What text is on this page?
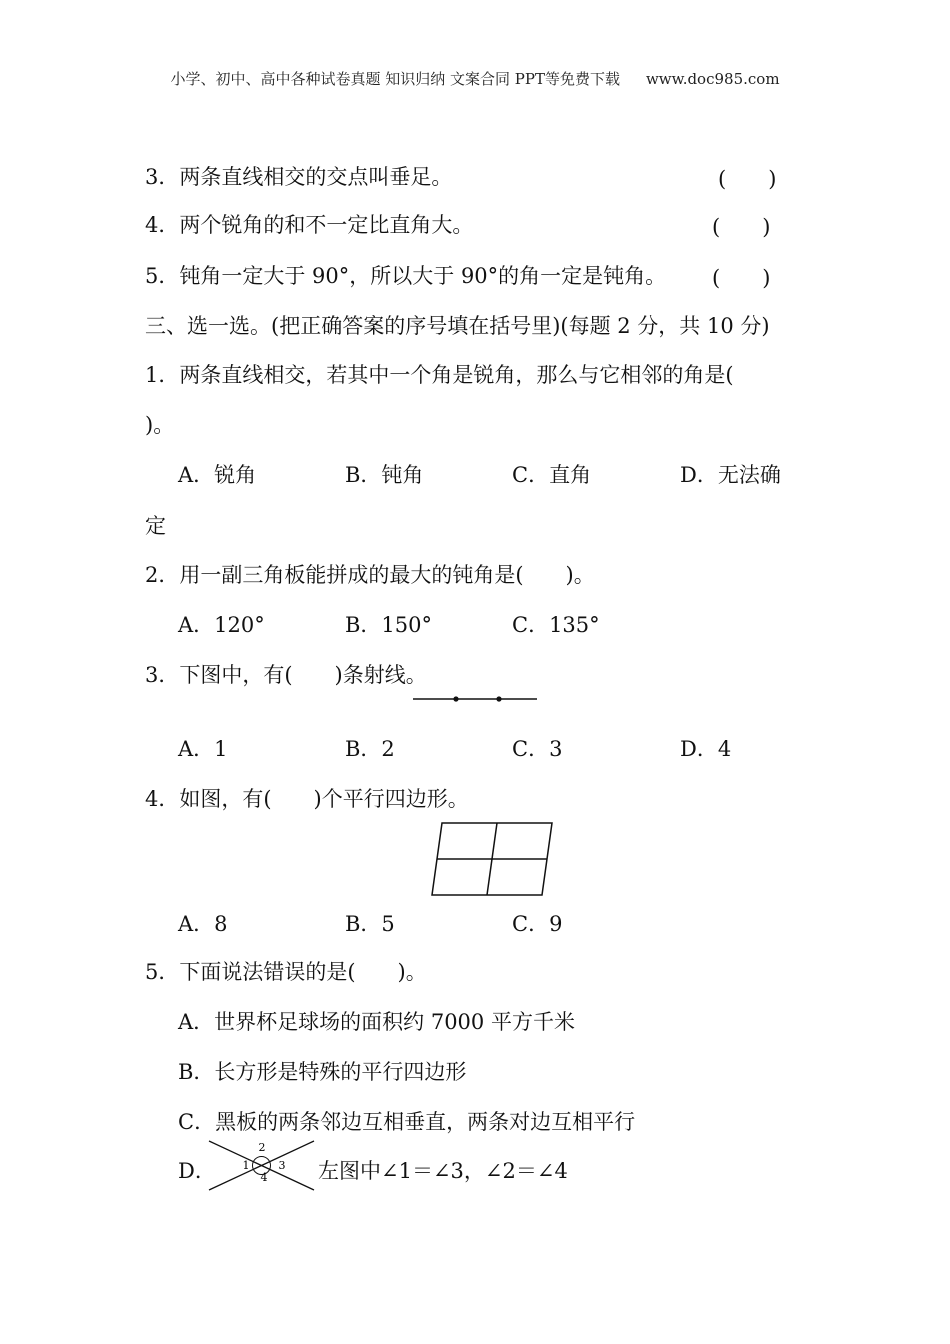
小学、初中、高中各种试卷真题 知识归纳 文案合同 PPT等免费下载 www.doc985.com
3．两条直线相交的交点叫垂足。	(　　)
4．两个锐角的和不一定比直角大。	(　　)
5．钝角一定大于 90°，所以大于 90°的角一定是钝角。 (　　)
三、选一选。(把正确答案的序号填在括号里)(每题 2 分，共 10 分)
1．两条直线相交，若其中一个角是锐角，那么与它相邻的角是(
)。
A．锐角	B．钝角	C．直角	D．无法确
定
2．用一副三角板能拼成的最大的钝角是(　　)。
A．120°	B．150°	C．135°
3．下图中，有(　　)条射线。
A．1	B．2	C．3	D．4
4．如图，有(　　)个平行四边形。
A．8	B．5	C．9
5．下面说法错误的是(　　)。
A．世界杯足球场的面积约 7000 平方千米
B．长方形是特殊的平行四边形
C．黑板的两条邻边互相垂直，两条对边互相平行
D．
2
1	3
4 左图中∠1＝∠3，∠2＝∠4
